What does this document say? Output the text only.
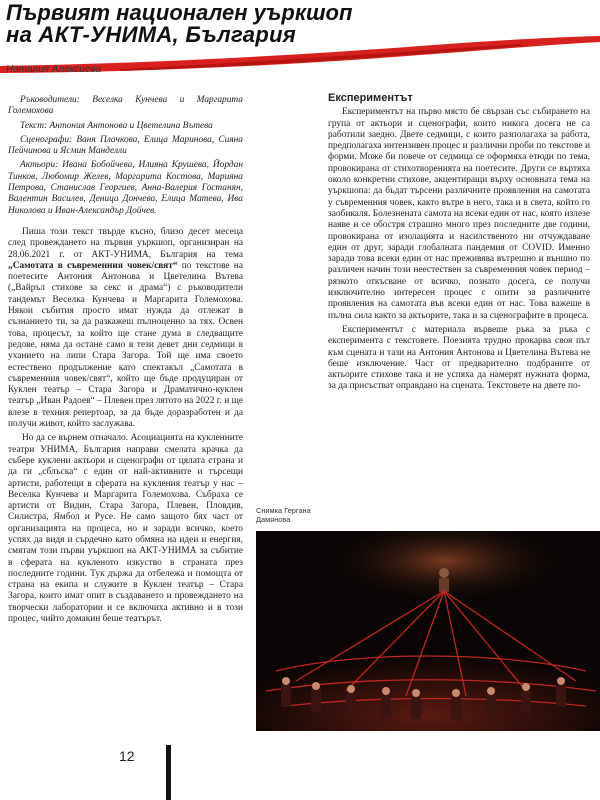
Първият национален уъркшоп
на АКТ-УНИМА, България
Наталия Алексиева

Ръководители: Веселка Кунчева и Маргарита Големохова

Текст: Антония Антонова и Цветелина Вътева

Сценографи: Ваня Плачкова, Елица Маринова, Сияна Пейчинова и Ясмин Манделли

Актьори: Ивана Бобойчева, Илияна Крушева, Йордан Тинков, Любомир Желев, Маргарита Костова, Марияна Петрова, Станислав Георгиев, Анна-Валерия Гостанян, Валентин Василев, Деница Дончева, Елица Матева, Ива Николова и Иван-Александър Дойчев.

Пиша този текст твърде късно, близо десет месеца след провеждането на първия уъркшоп, организиран на 28.06.2021 г. от АКТ-УНИМА, България на тема „Самотата в съвременния човек/свят“ по текстове на поетесите Антония Антонова и Цветелина Вътева („Вайръл стихове за секс и драма“) с ръководители тандемът Веселка Кунчева и Маргарита Големохова. Някои събития просто имат нужда да отлежат в съзнанието ти, за да разкажеш пълноценно за тях. Освен това, процесът, за който ще стане дума в следващите редове, няма да остане само в тези девет дни седмици в уханието на липи Стара Загора. Той ще има своето естествено продължение като спектакъл „Самотата в съвременния човек/свят“, който ще бъде продуциран от Куклен театър – Стара Загора и Драматично-куклен театър „Иван Радоев“ – Плевен през лятото на 2022 г. и ще влезе в техния репертоар, за да бъде доразработен и да получи живот, който заслужава.

Но да се върнем отначало. Асоциацията на кукленните театри УНИМА, България направи смелата крачка да събере куклени актьори и сценографи от цялата страна и да ги „сблъска“ с един от най-активните и търсещи артисти, работещи в сферата на кукления театър у нас – Веселка Кунчева и Маргарита Големохова. Събраха се артисти от Видин, Стара Загора, Плевен, Пловдив, Силистра, Ямбол и Русе. Не само защото бях част от организацията на процеса, но и заради всичко, което успях да видя и сърдечно като обмяна на идеи и енергия, смятам този първи уъркшоп на АКТ-УНИМА за събитие в сферата на кукленото изкуство в страната през последните години. Тук държа да отбележа и помощта от страна на екипа и служите в Куклен театър – Стара Загора, които имат опит в създаването и провеждането на творчески лаборатории и се включиха активно и в този процес, чийто домакин беше театърът.

Експериментът

Експериментът на първо място бе свързан със събирането на група от актьори и сценографи, които никога досега не са работили заедно. Двете седмици, с които разполагаха за работа, предполагаха интензивен процес и различни проби по текстове и форми. Може би повече от седмица се оформяха етюди по тема, провокирана от стихотворенията на поетесите. Други се въртяха около конкретни стихове, акцентиращи върху основната тема на уъркшопа: да бъдат търсени различните проявления на самотата у съвременния човек, както вътре в него, така и в света, който го заобикаля. Болезнената самота на всеки един от нас, която излезе наяве и се обостря страшно много през последните две години, провокирана от изолацията и насилственото ни отчуждаване един от друг, заради глобалната пандемия от COVID. Именно заради това всеки един от нас преживява вътрешно и външно по различен начин този неестествен за съвременния човек период – рязкото откъсване от всичко, познато досега, се получи изключително интересен процес с опити за различните проявления на самотата във всеки един от нас. Това важеше в пълна сила както за актьорите, така и за сценографите в процеса.

Експериментът с материала вървеше ръка за ръка с експеримента с текстовете. Поезията трудно прокарва своя път към сцената и тази на Антония Антонова и Цветелина Вътева не беше изключение. Част от предварително подбраните от актьорите стихове така и не успяха да намерят нужната форма, за да присъстват оправдано на сцената. Текстовете на двете по-

Снимка Гергана Дамянова
12
